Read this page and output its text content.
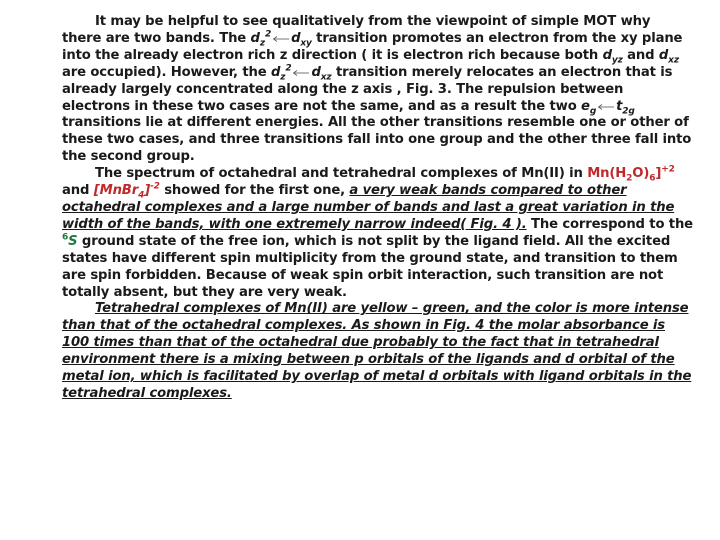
It may be helpful to see qualitatively from the viewpoint of simple MOT why there are two bands. The $d_z^2$ $d_{xy}$ transition promotes an electron from the xy plane into the already electron rich z direction ( it is electron rich because both $d_{yz}$ and $d_{xz}$ are occupied). However, the $d_z^2$ $d_{xz}$ transition merely relocates an electron that is already largely concentrated along the z axis , Fig. 3. The repulsion between electrons in these two cases are not the same, and as a result the two $e_g$ $t_{2g}$ transitions lie at different energies. All the other transitions resemble one or other of these two cases, and three transitions fall into one group and the other three fall into the second group.

The spectrum of octahedral and tetrahedral complexes of Mn(II) in $Mn(H_2O)_6]^{+2}$ and [MnBr$_4$]$^{-2}$ showed for the first one, a very weak bands compared to other octahedral complexes and a large number of bands and last a great variation in the width of the bands, with one extremely narrow indeed( Fig. 4 ). The correspond to the $^6$S ground state of the free ion, which is not split by the ligand field. All the excited states have different spin multiplicity from the ground state, and transition to them are spin forbidden. Because of weak spin orbit interaction, such transition are not totally absent, but they are very weak.

Tetrahedral complexes of Mn(II) are yellow – green, and the color is more intense than that of the octahedral complexes. As shown in Fig. 4 the molar absorbance is 100 times than that of the octahedral due probably to the fact that in tetrahedral environment there is a mixing between p orbitals of the ligands and d orbital of the metal ion, which is facilitated by overlap of metal d orbitals with ligand orbitals in the tetrahedral complexes.
